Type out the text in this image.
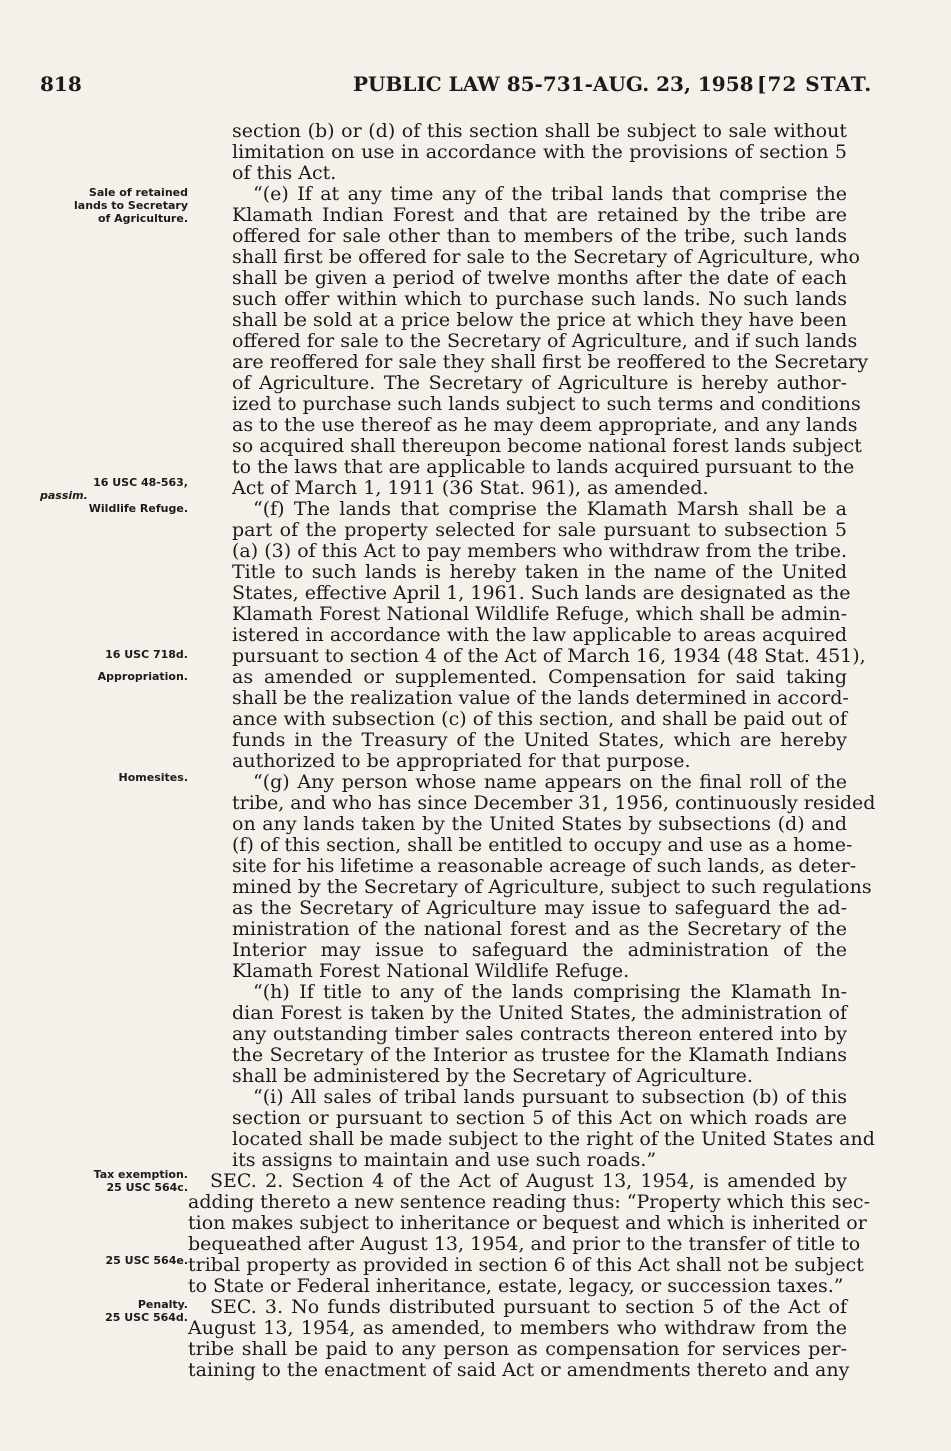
818	PUBLIC LAW 85-731-AUG. 23, 1958 [72 STAT.
Sale of retained
lands to Secretary
of Agriculture.
16 USC 48-563,
passim.
Wildlife Refuge.
16 USC 718d.
Appropriation.
Homesites.
Tax exemption.
25 USC 564c.
25 USC 564e.
Penalty.
25 USC 564d.
section (b) or (d) of this section shall be subject to sale without
limitation on use in accordance with the provisions of section 5
of this Act.
“(e) If at any time any of the tribal lands that comprise the
Klamath Indian Forest and that are retained by the tribe are
offered for sale other than to members of the tribe, such lands
shall first be offered for sale to the Secretary of Agriculture, who
shall be given a period of twelve months after the date of each
such offer within which to purchase such lands. No such lands
shall be sold at a price below the price at which they have been
offered for sale to the Secretary of Agriculture, and if such lands
are reoffered for sale they shall first be reoffered to the Secretary
of Agriculture. The Secretary of Agriculture is hereby author-
ized to purchase such lands subject to such terms and conditions
as to the use thereof as he may deem appropriate, and any lands
so acquired shall thereupon become national forest lands subject
to the laws that are applicable to lands acquired pursuant to the
Act of March 1, 1911 (36 Stat. 961), as amended.
“(f) The lands that comprise the Klamath Marsh shall be a
part of the property selected for sale pursuant to subsection 5
(a) (3) of this Act to pay members who withdraw from the tribe.
Title to such lands is hereby taken in the name of the United
States, effective April 1, 1961. Such lands are designated as the
Klamath Forest National Wildlife Refuge, which shall be admin-
istered in accordance with the law applicable to areas acquired
pursuant to section 4 of the Act of March 16, 1934 (48 Stat. 451),
as amended or supplemented. Compensation for said taking
shall be the realization value of the lands determined in accord-
ance with subsection (c) of this section, and shall be paid out of
funds in the Treasury of the United States, which are hereby
authorized to be appropriated for that purpose.
“(g) Any person whose name appears on the final roll of the
tribe, and who has since December 31, 1956, continuously resided
on any lands taken by the United States by subsections (d) and
(f) of this section, shall be entitled to occupy and use as a home-
site for his lifetime a reasonable acreage of such lands, as deter-
mined by the Secretary of Agriculture, subject to such regulations
as the Secretary of Agriculture may issue to safeguard the ad-
ministration of the national forest and as the Secretary of the
Interior may issue to safeguard the administration of the
Klamath Forest National Wildlife Refuge.
“(h) If title to any of the lands comprising the Klamath In-
dian Forest is taken by the United States, the administration of
any outstanding timber sales contracts thereon entered into by
the Secretary of the Interior as trustee for the Klamath Indians
shall be administered by the Secretary of Agriculture.
“(i) All sales of tribal lands pursuant to subsection (b) of this
section or pursuant to section 5 of this Act on which roads are
located shall be made subject to the right of the United States and
its assigns to maintain and use such roads.”
SEC. 2. Section 4 of the Act of August 13, 1954, is amended by
adding thereto a new sentence reading thus: “Property which this sec-
tion makes subject to inheritance or bequest and which is inherited or
bequeathed after August 13, 1954, and prior to the transfer of title to
tribal property as provided in section 6 of this Act shall not be subject
to State or Federal inheritance, estate, legacy, or succession taxes.”
SEC. 3. No funds distributed pursuant to section 5 of the Act of
August 13, 1954, as amended, to members who withdraw from the
tribe shall be paid to any person as compensation for services per-
taining to the enactment of said Act or amendments thereto and any
